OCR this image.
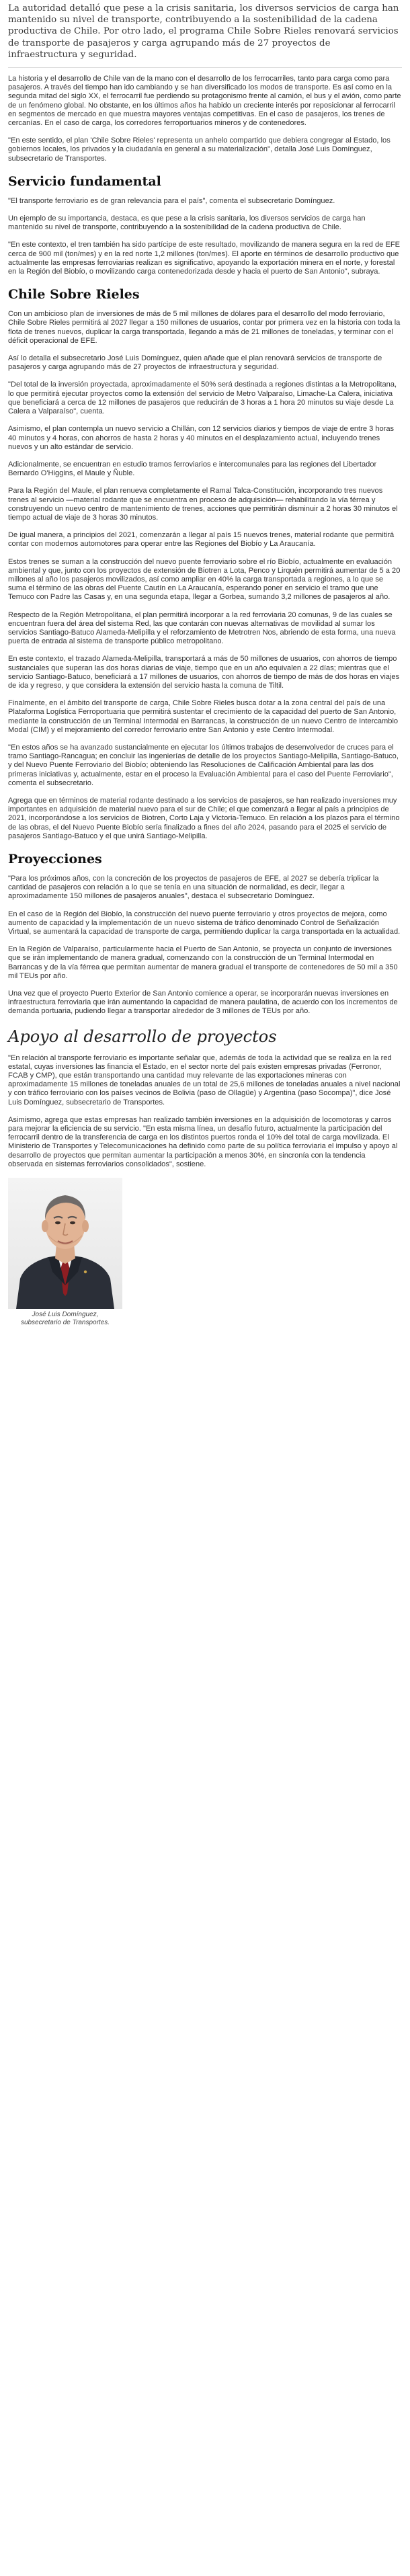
La autoridad detalló que pese a la crisis sanitaria, los diversos servicios de carga han mantenido su nivel de transporte, contribuyendo a la sostenibilidad de la cadena productiva de Chile. Por otro lado, el programa Chile Sobre Rieles renovará servicios de transporte de pasajeros y carga agrupando más de 27 proyectos de infraestructura y seguridad.

La historia y el desarrollo de Chile van de la mano con el desarrollo de los ferrocarriles, tanto para carga como para pasajeros. A través del tiempo han ido cambiando y se han diversificado los modos de transporte. Es así como en la segunda mitad del siglo XX, el ferrocarril fue perdiendo su protagonismo frente al camión, el bus y el avión, como parte de un fenómeno global. No obstante, en los últimos años ha habido un creciente interés por reposicionar al ferrocarril en segmentos de mercado en que muestra mayores ventajas competitivas. En el caso de pasajeros, los trenes de cercanías. En el caso de carga, los corredores ferroportuarios mineros y de contenedores.

"En este sentido, el plan 'Chile Sobre Rieles' representa un anhelo compartido que debiera congregar al Estado, los gobiernos locales, los privados y la ciudadanía en general a su materialización", detalla José Luis Domínguez, subsecretario de Transportes.

Servicio fundamental

"El transporte ferroviario es de gran relevancia para el país", comenta el subsecretario Domínguez.

Un ejemplo de su importancia, destaca, es que pese a la crisis sanitaria, los diversos servicios de carga han mantenido su nivel de transporte, contribuyendo a la sostenibilidad de la cadena productiva de Chile.

"En este contexto, el tren también ha sido partícipe de este resultado, movilizando de manera segura en la red de EFE cerca de 900 mil (ton/mes) y en la red norte 1,2 millones (ton/mes). El aporte en términos de desarrollo productivo que actualmente las empresas ferroviarias realizan es significativo, apoyando la exportación minera en el norte, y forestal en la Región del Biobío, o movilizando carga contenedorizada desde y hacia el puerto de San Antonio", subraya.

Chile Sobre Rieles

Con un ambicioso plan de inversiones de más de 5 mil millones de dólares para el desarrollo del modo ferroviario, Chile Sobre Rieles permitirá al 2027 llegar a 150 millones de usuarios, contar por primera vez en la historia con toda la flota de trenes nuevos, duplicar la carga transportada, llegando a más de 21 millones de toneladas, y terminar con el déficit operacional de EFE.

Así lo detalla el subsecretario José Luis Domínguez, quien añade que el plan renovará servicios de transporte de pasajeros y carga agrupando más de 27 proyectos de infraestructura y seguridad.

"Del total de la inversión proyectada, aproximadamente el 50% será destinada a regiones distintas a la Metropolitana, lo que permitirá ejecutar proyectos como la extensión del servicio de Metro Valparaíso, Limache-La Calera, iniciativa que beneficiará a cerca de 12 millones de pasajeros que reducirán de 3 horas a 1 hora 20 minutos su viaje desde La Calera a Valparaíso", cuenta.

Asimismo, el plan contempla un nuevo servicio a Chillán, con 12 servicios diarios y tiempos de viaje de entre 3 horas 40 minutos y 4 horas, con ahorros de hasta 2 horas y 40 minutos en el desplazamiento actual, incluyendo trenes nuevos y un alto estándar de servicio.

Adicionalmente, se encuentran en estudio tramos ferroviarios e intercomunales para las regiones del Libertador Bernardo O'Higgins, el Maule y Ñuble.

Para la Región del Maule, el plan renueva completamente el Ramal Talca-Constitución, incorporando tres nuevos trenes al servicio —material rodante que se encuentra en proceso de adquisición— rehabilitando la vía férrea y construyendo un nuevo centro de mantenimiento de trenes, acciones que permitirán disminuir a 2 horas 30 minutos el tiempo actual de viaje de 3 horas 30 minutos.

De igual manera, a principios del 2021, comenzarán a llegar al país 15 nuevos trenes, material rodante que permitirá contar con modernos automotores para operar entre las Regiones del Biobío y La Araucanía.

Estos trenes se suman a la construcción del nuevo puente ferroviario sobre el río Biobío, actualmente en evaluación ambiental y que, junto con los proyectos de extensión de Biotren a Lota, Penco y Lirquén permitirá aumentar de 5 a 20 millones al año los pasajeros movilizados, así como ampliar en 40% la carga transportada a regiones, a lo que se suma el término de las obras del Puente Cautín en La Araucanía, esperando poner en servicio el tramo que une Temuco con Padre las Casas y, en una segunda etapa, llegar a Gorbea, sumando 3,2 millones de pasajeros al año.

Respecto de la Región Metropolitana, el plan permitirá incorporar a la red ferroviaria 20 comunas, 9 de las cuales se encuentran fuera del área del sistema Red, las que contarán con nuevas alternativas de movilidad al sumar los servicios Santiago-Batuco Alameda-Melipilla y el reforzamiento de Metrotren Nos, abriendo de esta forma, una nueva puerta de entrada al sistema de transporte público metropolitano.

En este contexto, el trazado Alameda-Melipilla, transportará a más de 50 millones de usuarios, con ahorros de tiempo sustanciales que superan las dos horas diarias de viaje, tiempo que en un año equivalen a 22 días; mientras que el servicio Santiago-Batuco, beneficiará a 17 millones de usuarios, con ahorros de tiempo de más de dos horas en viajes de ida y regreso, y que considera la extensión del servicio hasta la comuna de Tiltil.

Finalmente, en el ámbito del transporte de carga, Chile Sobre Rieles busca dotar a la zona central del país de una Plataforma Logística Ferroportuaria que permitirá sustentar el crecimiento de la capacidad del puerto de San Antonio, mediante la construcción de un Terminal Intermodal en Barrancas, la construcción de un nuevo Centro de Intercambio Modal (CIM) y el mejoramiento del corredor ferroviario entre San Antonio y este Centro Intermodal.

"En estos años se ha avanzado sustancialmente en ejecutar los últimos trabajos de desenvolvedor de cruces para el tramo Santiago-Rancagua; en concluir las ingenierías de detalle de los proyectos Santiago-Melipilla, Santiago-Batuco, y del Nuevo Puente Ferroviario del Biobío; obteniendo las Resoluciones de Calificación Ambiental para las dos primeras iniciativas y, actualmente, estar en el proceso la Evaluación Ambiental para el caso del Puente Ferroviario", comenta el subsecretario.

Agrega que en términos de material rodante destinado a los servicios de pasajeros, se han realizado inversiones muy importantes en adquisición de material nuevo para el sur de Chile; el que comenzará a llegar al país a principios de 2021, incorporándose a los servicios de Biotren, Corto Laja y Victoria-Temuco. En relación a los plazos para el término de las obras, el del Nuevo Puente Biobío sería finalizado a fines del año 2024, pasando para el 2025 el servicio de pasajeros Santiago-Batuco y el que unirá Santiago-Melipilla.

Proyecciones

"Para los próximos años, con la concreción de los proyectos de pasajeros de EFE, al 2027 se debería triplicar la cantidad de pasajeros con relación a lo que se tenía en una situación de normalidad, es decir, llegar a aproximadamente 150 millones de pasajeros anuales", destaca el subsecretario Domínguez.

En el caso de la Región del Biobío, la construcción del nuevo puente ferroviario y otros proyectos de mejora, como aumento de capacidad y la implementación de un nuevo sistema de tráfico denominado Control de Señalización Virtual, se aumentará la capacidad de transporte de carga, permitiendo duplicar la carga transportada en la actualidad.

En la Región de Valparaíso, particularmente hacia el Puerto de San Antonio, se proyecta un conjunto de inversiones que se irán implementando de manera gradual, comenzando con la construcción de un Terminal Intermodal en Barrancas y de la vía férrea que permitan aumentar de manera gradual el transporte de contenedores de 50 mil a 350 mil TEUs por año.

Una vez que el proyecto Puerto Exterior de San Antonio comience a operar, se incorporarán nuevas inversiones en infraestructura ferroviaria que irán aumentando la capacidad de manera paulatina, de acuerdo con los incrementos de demanda portuaria, pudiendo llegar a transportar alrededor de 3 millones de TEUs por año.

Apoyo al desarrollo de proyectos

"En relación al transporte ferroviario es importante señalar que, además de toda la actividad que se realiza en la red estatal, cuyas inversiones las financia el Estado, en el sector norte del país existen empresas privadas (Ferronor, FCAB y CMP), que están transportando una cantidad muy relevante de las exportaciones mineras con aproximadamente 15 millones de toneladas anuales de un total de 25,6 millones de toneladas anuales a nivel nacional y con tráfico ferroviario con los países vecinos de Bolivia (paso de Ollagüe) y Argentina (paso Socompa)", dice José Luis Domínguez, subsecretario de Transportes.

Asimismo, agrega que estas empresas han realizado también inversiones en la adquisición de locomotoras y carros para mejorar la eficiencia de su servicio. "En esta misma línea, un desafío futuro, actualmente la participación del ferrocarril dentro de la transferencia de carga en los distintos puertos ronda el 10% del total de carga movilizada. El Ministerio de Transportes y Telecomunicaciones ha definido como parte de su política ferroviaria el impulso y apoyo al desarrollo de proyectos que permitan aumentar la participación a menos 30%, en sincronía con la tendencia observada en sistemas ferroviarios consolidados", sostiene.

José Luis Domínguez,
subsecretario de Transportes.
